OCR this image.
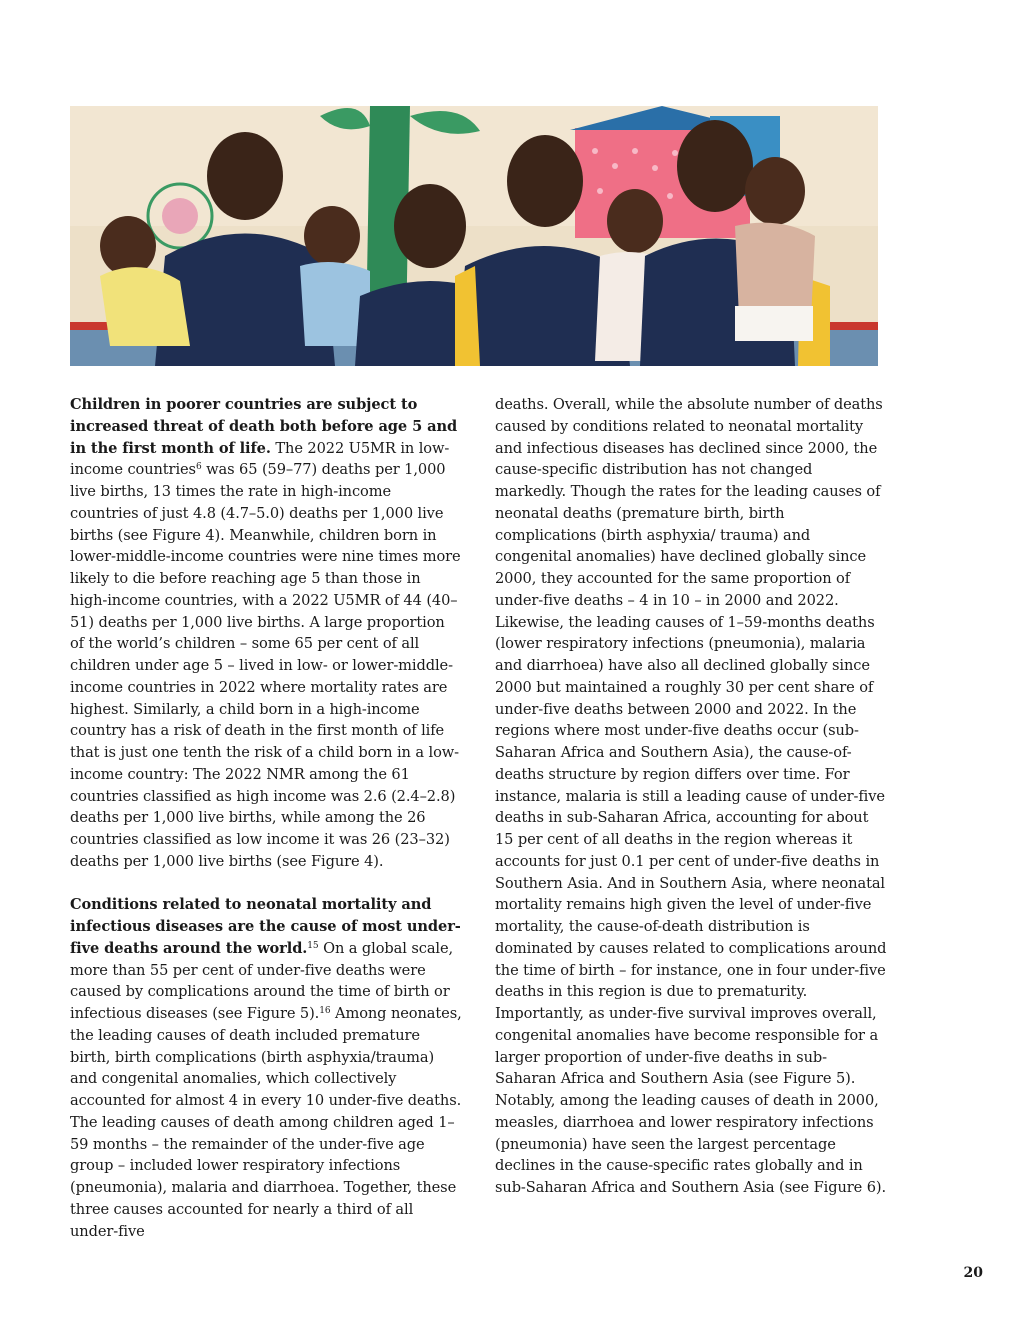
Children in poorer countries are subject to increased threat of death both before age 5 and in the first month of life. The 2022 U5MR in low-income countries$^6$ was 65 (59–77) deaths per 1,000 live births, 13 times the rate in high-income countries of just 4.8 (4.7–5.0) deaths per 1,000 live births (see Figure 4). Meanwhile, children born in lower-middle-income countries were nine times more likely to die before reaching age 5 than those in high-income countries, with a 2022 U5MR of 44 (40–51) deaths per 1,000 live births. A large proportion of the world’s children – some 65 per cent of all children under age 5 – lived in low- or lower-middle-income countries in 2022 where mortality rates are highest. Similarly, a child born in a high-income country has a risk of death in the first month of life that is just one tenth the risk of a child born in a low-income country: The 2022 NMR among the 61 countries classified as high income was 2.6 (2.4–2.8) deaths per 1,000 live births, while among the 26 countries classified as low income it was 26 (23–32) deaths per 1,000 live births (see Figure 4).

Conditions related to neonatal mortality and infectious diseases are the cause of most under-five deaths around the world.$^{15}$ On a global scale, more than 55 per cent of under-five deaths were caused by complications around the time of birth or infectious diseases (see Figure 5).$^{16}$ Among neonates, the leading causes of death included premature birth, birth complications (birth asphyxia/trauma) and congenital anomalies, which collectively accounted for almost 4 in every 10 under-five deaths. The leading causes of death among children aged 1–59 months – the remainder of the under-five age group – included lower respiratory infections (pneumonia), malaria and diarrhoea. Together, these three causes accounted for nearly a third of all under-five

deaths. Overall, while the absolute number of deaths caused by conditions related to neonatal mortality and infectious diseases has declined since 2000, the cause-specific distribution has not changed markedly. Though the rates for the leading causes of neonatal deaths (premature birth, birth complications (birth asphyxia/ trauma) and congenital anomalies) have declined globally since 2000, they accounted for the same proportion of under-five deaths – 4 in 10 – in 2000 and 2022. Likewise, the leading causes of 1–59-months deaths (lower respiratory infections (pneumonia), malaria and diarrhoea) have also all declined globally since 2000 but maintained a roughly 30 per cent share of under-five deaths between 2000 and 2022. In the regions where most under-five deaths occur (sub-Saharan Africa and Southern Asia), the cause-of-deaths structure by region differs over time. For instance, malaria is still a leading cause of under-five deaths in sub-Saharan Africa, accounting for about 15 per cent of all deaths in the region whereas it accounts for just 0.1 per cent of under-five deaths in Southern Asia. And in Southern Asia, where neonatal mortality remains high given the level of under-five mortality, the cause-of-death distribution is dominated by causes related to complications around the time of birth – for instance, one in four under-five deaths in this region is due to prematurity. Importantly, as under-five survival improves overall, congenital anomalies have become responsible for a larger proportion of under-five deaths in sub-Saharan Africa and Southern Asia (see Figure 5). Notably, among the leading causes of death in 2000, measles, diarrhoea and lower respiratory infections (pneumonia) have seen the largest percentage declines in the cause-specific rates globally and in sub-Saharan Africa and Southern Asia (see Figure 6).

20
